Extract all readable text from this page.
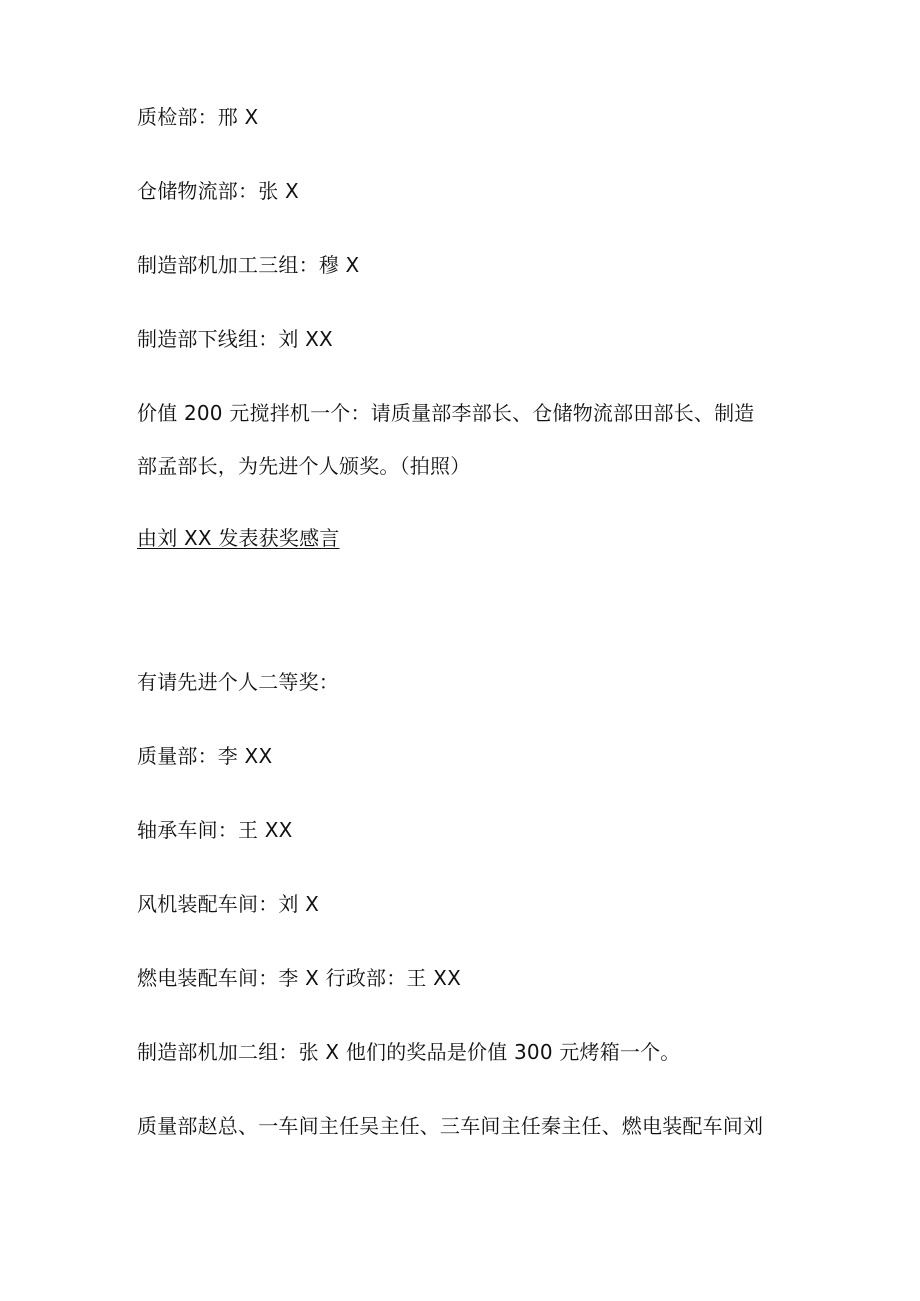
质检部：邢 X
仓储物流部：张 X
制造部机加工三组：穆 X
制造部下线组：刘 XX
价值 200 元搅拌机一个：请质量部李部长、仓储物流部田部长、制造
部孟部长，为先进个人颁奖。（拍照）
由刘 XX 发表获奖感言
有请先进个人二等奖：
质量部：李 XX
轴承车间：王 XX
风机装配车间：刘 X
燃电装配车间：李 X 行政部：王 XX
制造部机加二组：张 X 他们的奖品是价值 300 元烤箱一个。
质量部赵总、一车间主任吴主任、三车间主任秦主任、燃电装配车间刘
